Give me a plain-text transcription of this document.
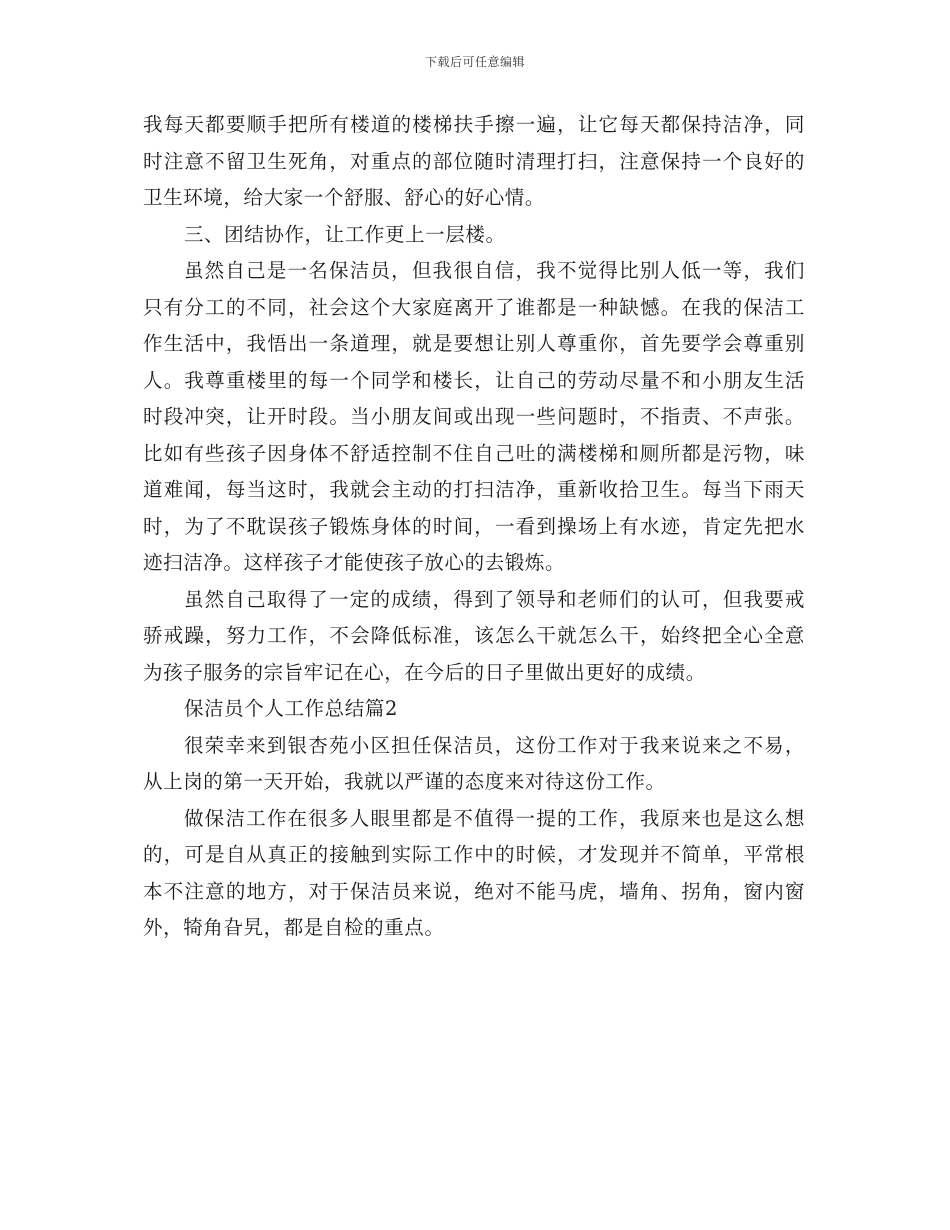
下载后可任意编辑

我每天都要顺手把所有楼道的楼梯扶手擦一遍，让它每天都保持洁净，同时注意不留卫生死角，对重点的部位随时清理打扫，注意保持一个良好的卫生环境，给大家一个舒服、舒心的好心情。

三、团结协作，让工作更上一层楼。

虽然自己是一名保洁员，但我很自信，我不觉得比别人低一等，我们只有分工的不同，社会这个大家庭离开了谁都是一种缺憾。在我的保洁工作生活中，我悟出一条道理，就是要想让别人尊重你，首先要学会尊重别人。我尊重楼里的每一个同学和楼长，让自己的劳动尽量不和小朋友生活时段冲突，让开时段。当小朋友间或出现一些问题时，不指责、不声张。比如有些孩子因身体不舒适控制不住自己吐的满楼梯和厕所都是污物，味道难闻，每当这时，我就会主动的打扫洁净，重新收拾卫生。每当下雨天时，为了不耽误孩子锻炼身体的时间，一看到操场上有水迹，肯定先把水迹扫洁净。这样孩子才能使孩子放心的去锻炼。

虽然自己取得了一定的成绩，得到了领导和老师们的认可，但我要戒骄戒躁，努力工作，不会降低标准，该怎么干就怎么干，始终把全心全意为孩子服务的宗旨牢记在心，在今后的日子里做出更好的成绩。

保洁员个人工作总结篇2

很荣幸来到银杏苑小区担任保洁员，这份工作对于我来说来之不易，从上岗的第一天开始，我就以严谨的态度来对待这份工作。

做保洁工作在很多人眼里都是不值得一提的工作，我原来也是这么想的，可是自从真正的接触到实际工作中的时候，才发现并不简单，平常根本不注意的地方，对于保洁员来说，绝对不能马虎，墙角、拐角，窗内窗外，犄角旮旯，都是自检的重点。
